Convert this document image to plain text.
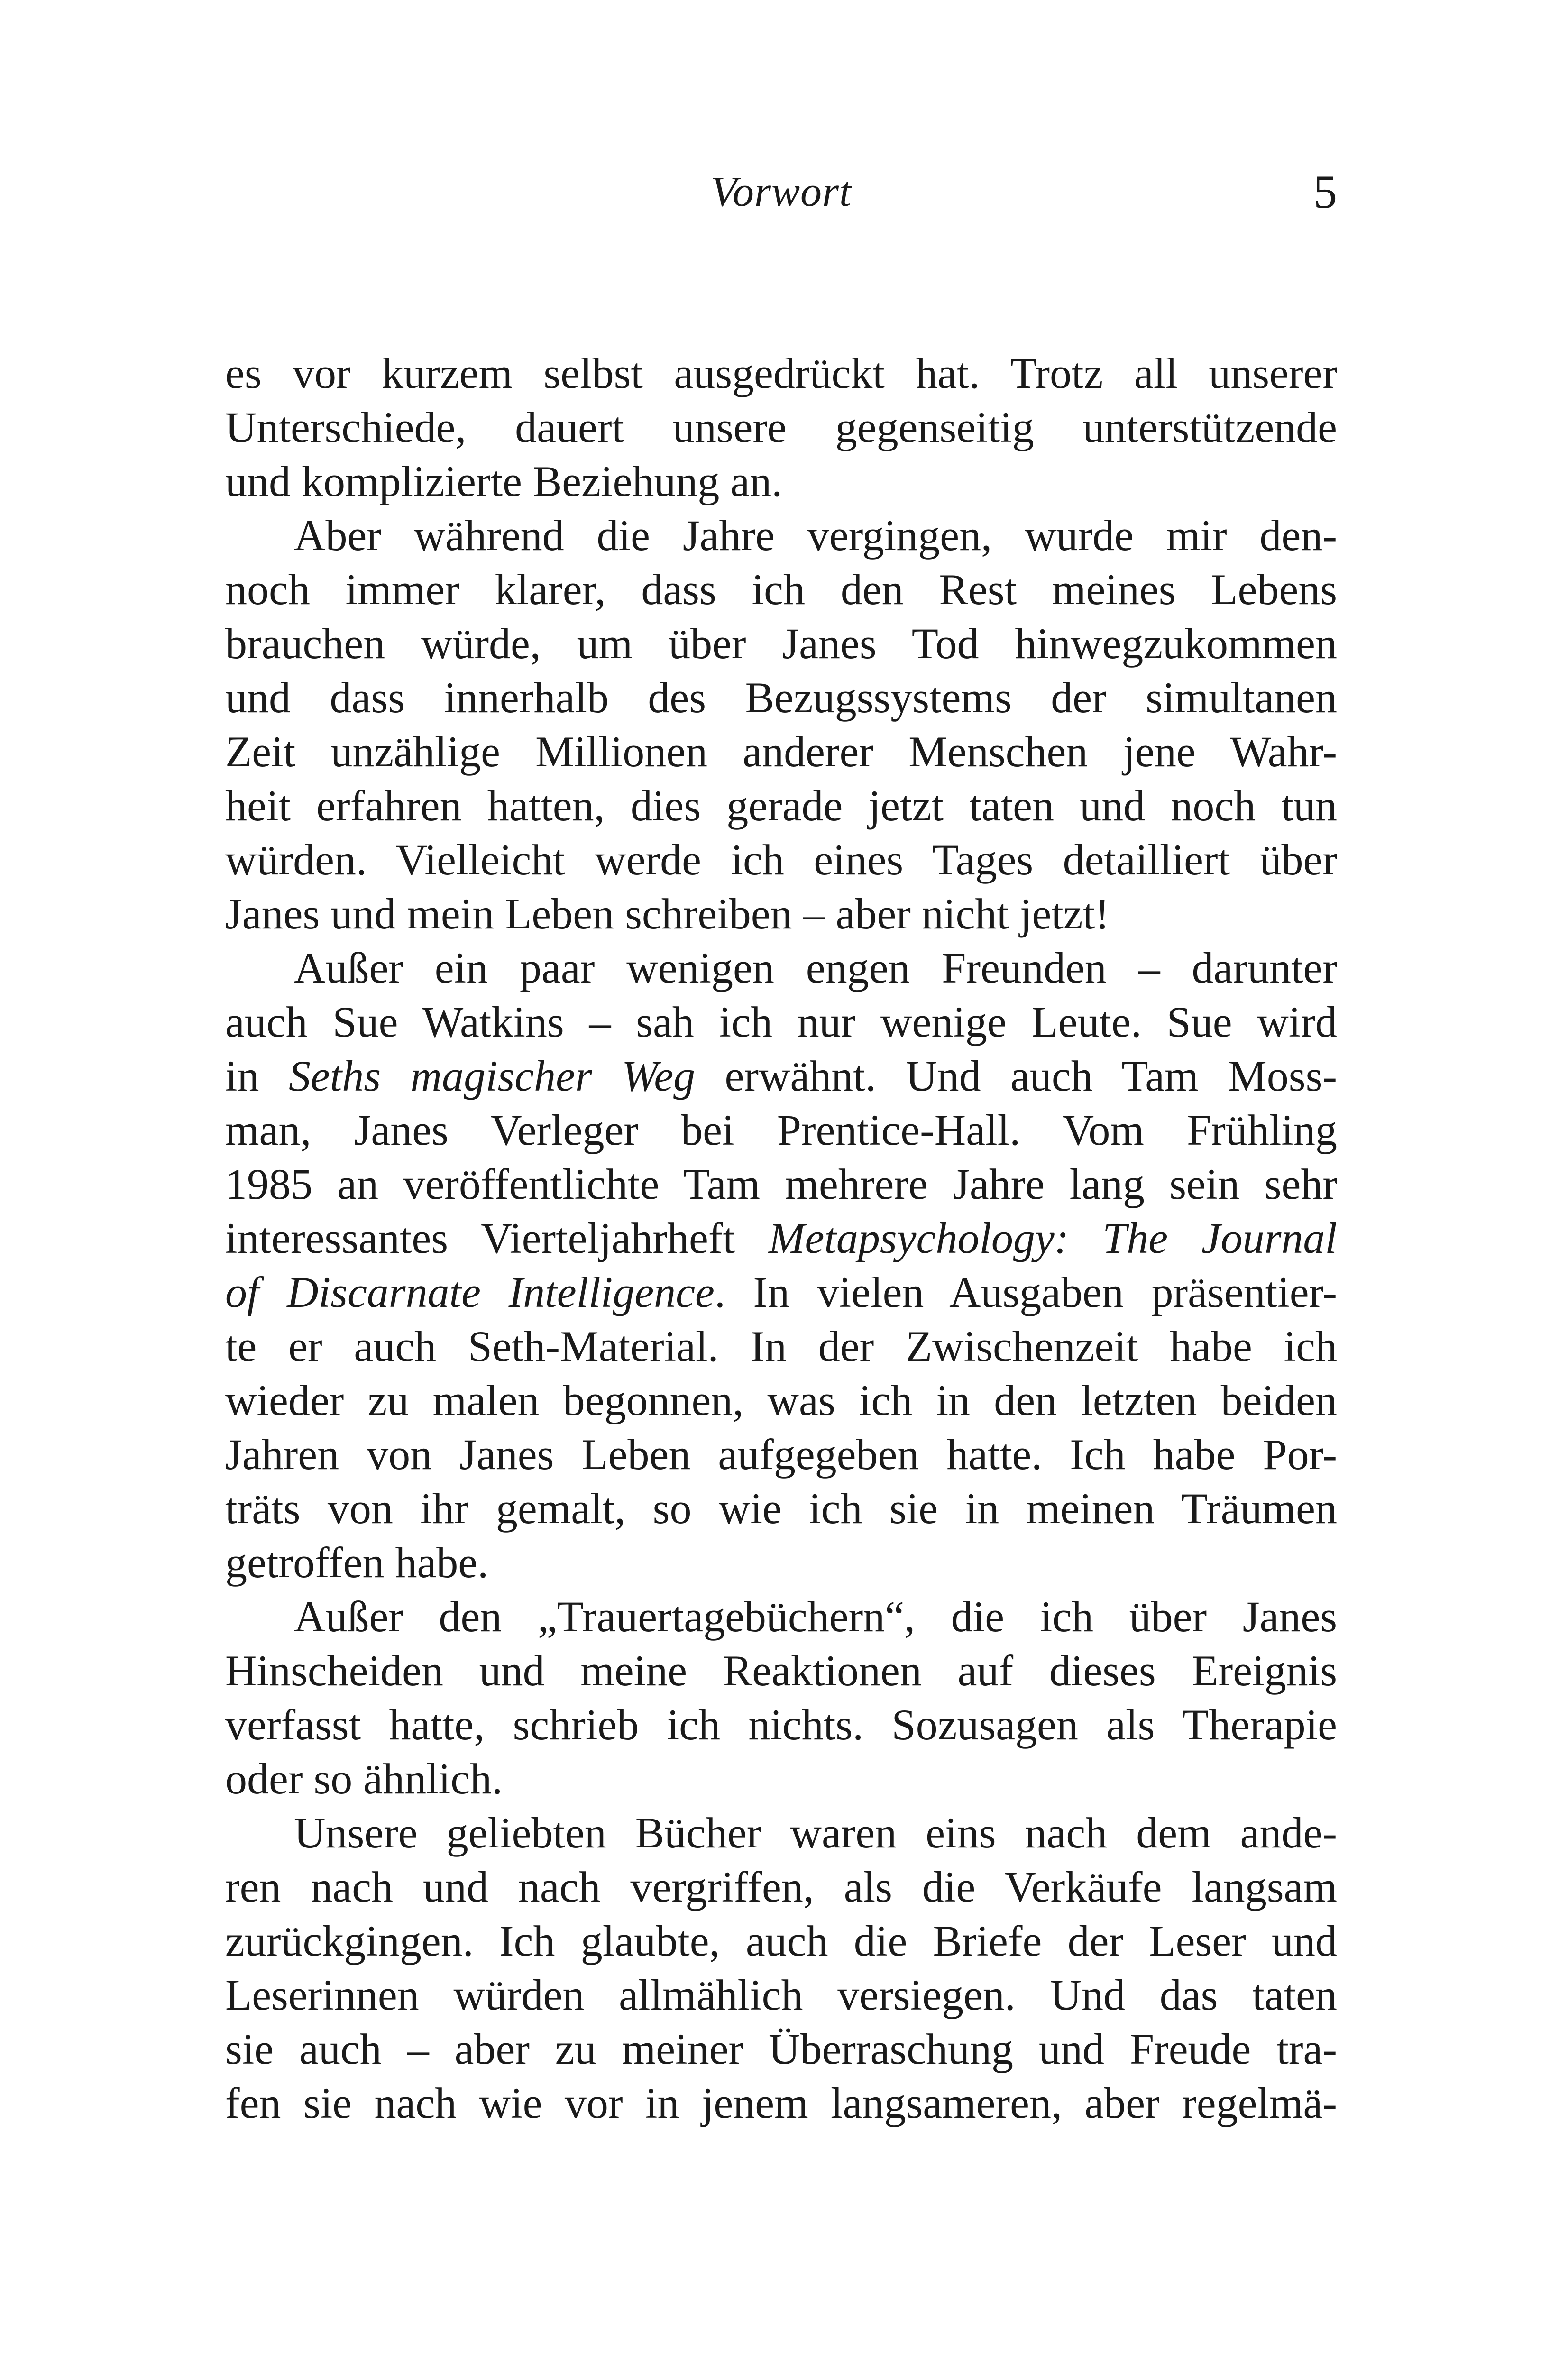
Vorwort	5
es vor kurzem selbst ausgedrückt hat. Trotz all unserer
Unterschiede, dauert unsere gegenseitig unterstützende
und komplizierte Beziehung an.
Aber während die Jahre vergingen, wurde mir den-
noch immer klarer, dass ich den Rest meines Lebens
brauchen würde, um über Janes Tod hinwegzukommen
und dass innerhalb des Bezugssystems der simultanen
Zeit unzählige Millionen anderer Menschen jene Wahr-
heit erfahren hatten, dies gerade jetzt taten und noch tun
würden. Vielleicht werde ich eines Tages detailliert über
Janes und mein Leben schreiben – aber nicht jetzt!
Außer ein paar wenigen engen Freunden – darunter
auch Sue Watkins – sah ich nur wenige Leute. Sue wird
in Seths magischer Weg erwähnt. Und auch Tam Moss-
man, Janes Verleger bei Prentice-Hall. Vom Frühling
1985 an veröffentlichte Tam mehrere Jahre lang sein sehr
interessantes Vierteljahrheft Metapsychology: The Journal
of Discarnate Intelligence. In vielen Ausgaben präsentier-
te er auch Seth-Material. In der Zwischenzeit habe ich
wieder zu malen begonnen, was ich in den letzten beiden
Jahren von Janes Leben aufgegeben hatte. Ich habe Por-
träts von ihr gemalt, so wie ich sie in meinen Träumen
getroffen habe.
Außer den „Trauertagebüchern“, die ich über Janes
Hinscheiden und meine Reaktionen auf dieses Ereignis
verfasst hatte, schrieb ich nichts. Sozusagen als Therapie
oder so ähnlich.
Unsere geliebten Bücher waren eins nach dem ande-
ren nach und nach vergriffen, als die Verkäufe langsam
zurückgingen. Ich glaubte, auch die Briefe der Leser und
Leserinnen würden allmählich versiegen. Und das taten
sie auch – aber zu meiner Überraschung und Freude tra-
fen sie nach wie vor in jenem langsameren, aber regelmä-
